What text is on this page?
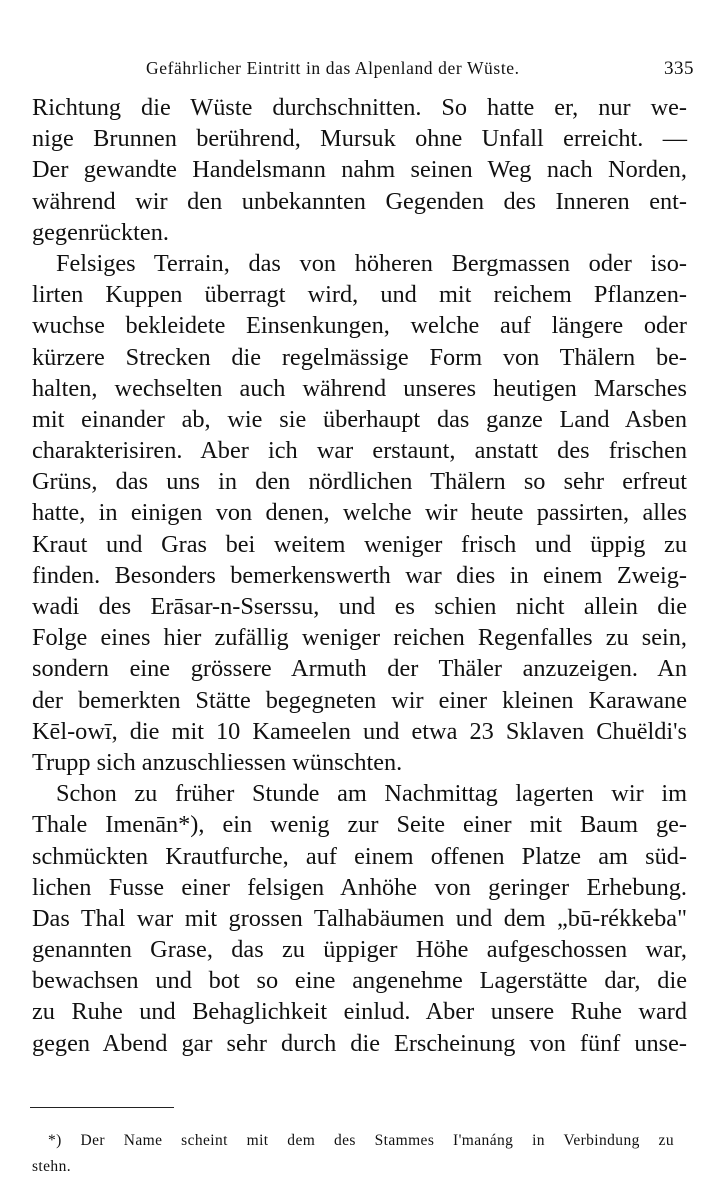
Gefährlicher Eintritt in das Alpenland der Wüste.	335
Richtung die Wüste durchschnitten. So hatte er, nur we-
nige Brunnen berührend, Mursuk ohne Unfall erreicht. —
Der gewandte Handelsmann nahm seinen Weg nach Norden,
während wir den unbekannten Gegenden des Inneren ent-
gegenrückten.
Felsiges Terrain, das von höheren Bergmassen oder iso-
lirten Kuppen überragt wird, und mit reichem Pflanzen-
wuchse bekleidete Einsenkungen, welche auf längere oder
kürzere Strecken die regelmässige Form von Thälern be-
halten, wechselten auch während unseres heutigen Marsches
mit einander ab, wie sie überhaupt das ganze Land Asben
charakterisiren. Aber ich war erstaunt, anstatt des frischen
Grüns, das uns in den nördlichen Thälern so sehr erfreut
hatte, in einigen von denen, welche wir heute passirten, alles
Kraut und Gras bei weitem weniger frisch und üppig zu
finden. Besonders bemerkenswerth war dies in einem Zweig-
wadi des Erāsar-n-Sserssu, und es schien nicht allein die
Folge eines hier zufällig weniger reichen Regenfalles zu sein,
sondern eine grössere Armuth der Thäler anzuzeigen. An
der bemerkten Stätte begegneten wir einer kleinen Karawane
Kēl-owī, die mit 10 Kameelen und etwa 23 Sklaven Chuëldi's
Trupp sich anzuschliessen wünschten.
Schon zu früher Stunde am Nachmittag lagerten wir im
Thale Imenān*), ein wenig zur Seite einer mit Baum ge-
schmückten Krautfurche, auf einem offenen Platze am süd-
lichen Fusse einer felsigen Anhöhe von geringer Erhebung.
Das Thal war mit grossen Talhabäumen und dem „bū-rékkeba"
genannten Grase, das zu üppiger Höhe aufgeschossen war,
bewachsen und bot so eine angenehme Lagerstätte dar, die
zu Ruhe und Behaglichkeit einlud. Aber unsere Ruhe ward
gegen Abend gar sehr durch die Erscheinung von fünf unse-
*) Der Name scheint mit dem des Stammes I'manáng in Verbindung zu
stehn.
